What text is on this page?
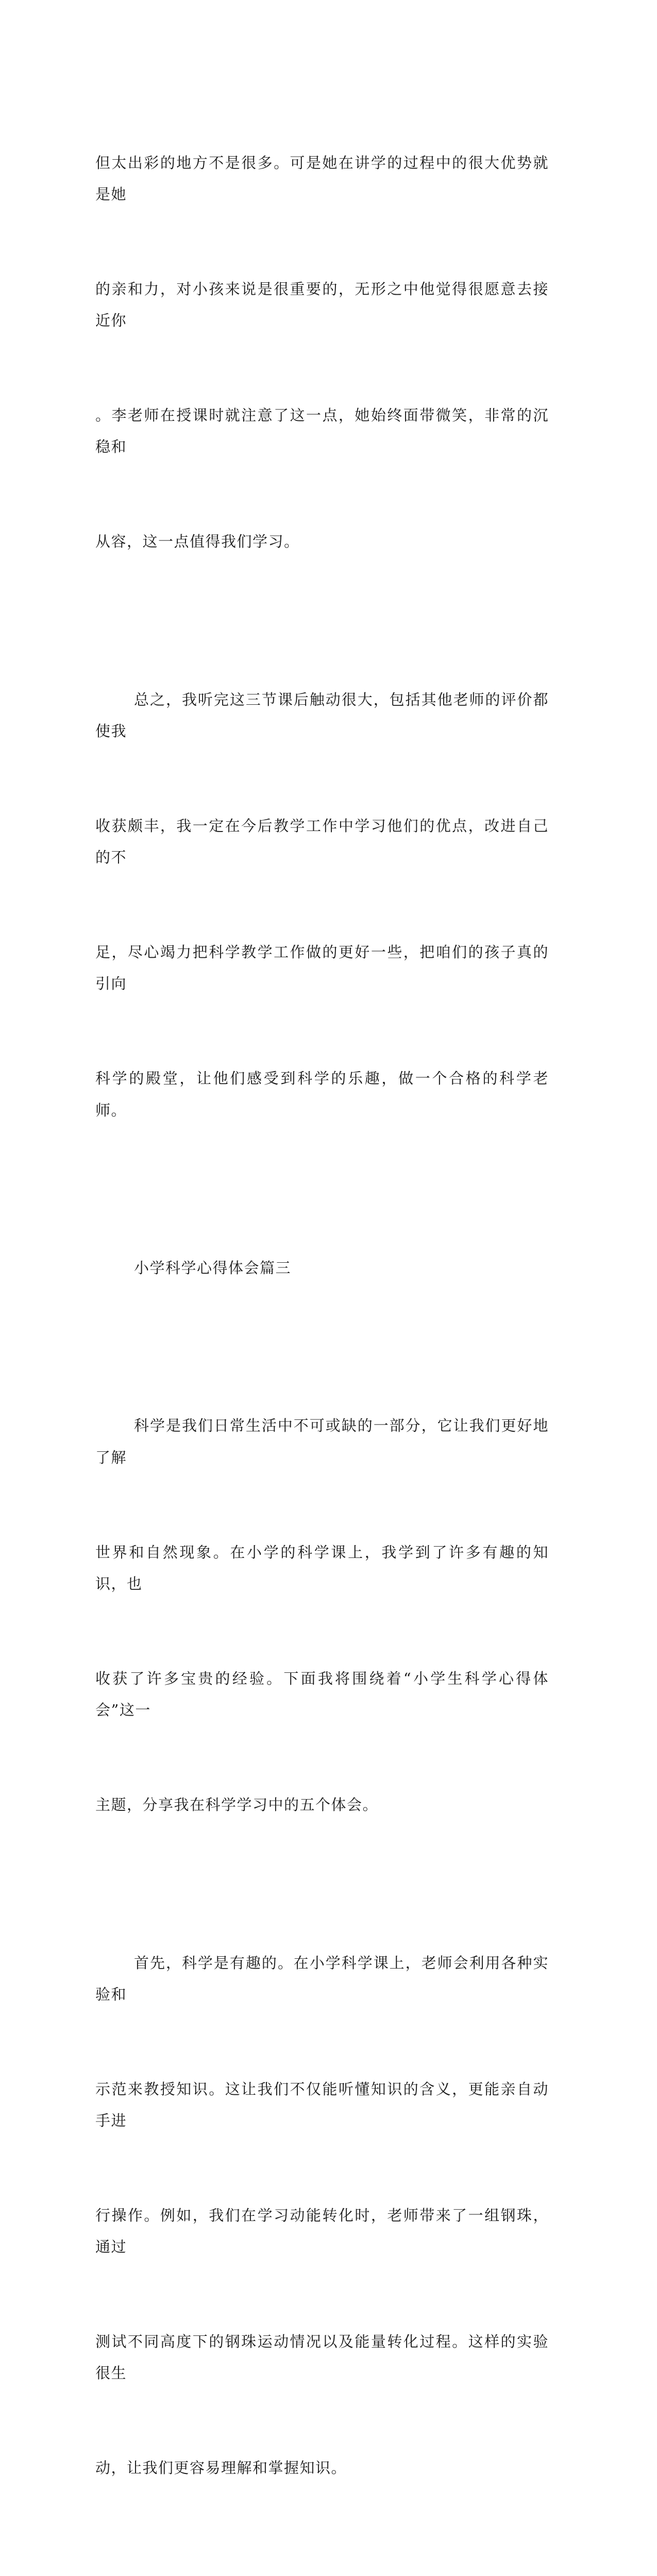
但太出彩的地方不是很多。可是她在讲学的过程中的很大优势就是她

的亲和力，对小孩来说是很重要的，无形之中他觉得很愿意去接近你

。李老师在授课时就注意了这一点，她始终面带微笑，非常的沉稳和

从容，这一点值得我们学习。

总之，我听完这三节课后触动很大，包括其他老师的评价都使我

收获颇丰，我一定在今后教学工作中学习他们的优点，改进自己的不

足，尽心竭力把科学教学工作做的更好一些，把咱们的孩子真的引向

科学的殿堂，让他们感受到科学的乐趣，做一个合格的科学老师。

小学科学心得体会篇三

科学是我们日常生活中不可或缺的一部分，它让我们更好地了解

世界和自然现象。在小学的科学课上，我学到了许多有趣的知识，也

收获了许多宝贵的经验。下面我将围绕着“小学生科学心得体会”这一

主题，分享我在科学学习中的五个体会。

首先，科学是有趣的。在小学科学课上，老师会利用各种实验和

示范来教授知识。这让我们不仅能听懂知识的含义，更能亲自动手进

行操作。例如，我们在学习动能转化时，老师带来了一组钢珠，通过

测试不同高度下的钢珠运动情况以及能量转化过程。这样的实验很生

动，让我们更容易理解和掌握知识。
